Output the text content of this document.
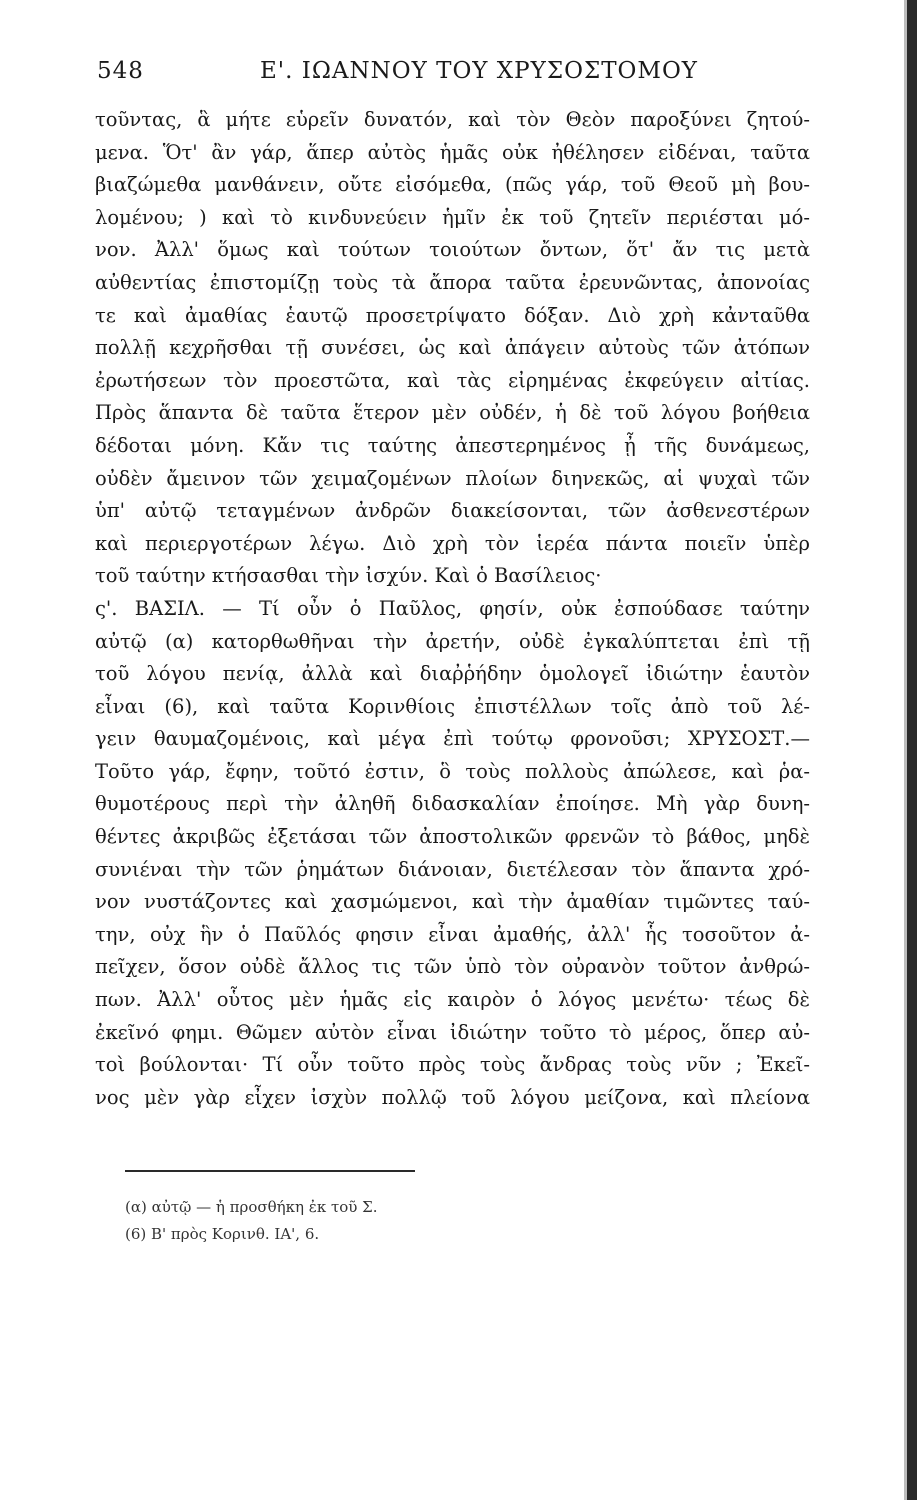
548	Ε'. ΙΩΑΝΝΟΥ ΤΟΥ ΧΡΥΣΟΣΤΟΜΟΥ
τοῦντας, ἃ μήτε εὑρεῖν δυνατόν, καὶ τὸν Θεὸν παροξύνει ζητού-
μενα. Ὅτ' ἂν γάρ, ἅπερ αὐτὸς ἡμᾶς οὐκ ἠθέλησεν εἰδέναι, ταῦτα
βιαζώμεθα μανθάνειν, οὔτε εἰσόμεθα, (πῶς γάρ, τοῦ Θεοῦ μὴ βου-
λομένου; ) καὶ τὸ κινδυνεύειν ἡμῖν ἐκ τοῦ ζητεῖν περιέσται μό-
νον. Ἀλλ' ὅμως καὶ τούτων τοιούτων ὄντων, ὅτ' ἄν τις μετὰ
αὐθεντίας ἐπιστομίζῃ τοὺς τὰ ἄπορα ταῦτα ἐρευνῶντας, ἀπονοίας
τε καὶ ἀμαθίας ἑαυτῷ προσετρίψατο δόξαν. Διὸ χρὴ κἀνταῦθα
πολλῇ κεχρῆσθαι τῇ συνέσει, ὡς καὶ ἀπάγειν αὐτοὺς τῶν ἀτόπων
ἐρωτήσεων τὸν προεστῶτα, καὶ τὰς εἰρημένας ἐκφεύγειν αἰτίας.
Πρὸς ἅπαντα δὲ ταῦτα ἕτερον μὲν οὐδέν, ἡ δὲ τοῦ λόγου βοήθεια
δέδοται μόνη. Κἄν τις ταύτης ἀπεστερημένος ᾖ τῆς δυνάμεως,
οὐδὲν ἄμεινον τῶν χειμαζομένων πλοίων διηνεκῶς, αἱ ψυχαὶ τῶν
ὑπ' αὐτῷ τεταγμένων ἀνδρῶν διακείσονται, τῶν ἀσθενεστέρων
καὶ περιεργοτέρων λέγω. Διὸ χρὴ τὸν ἱερέα πάντα ποιεῖν ὑπὲρ
τοῦ ταύτην κτήσασθαι τὴν ἰσχύν. Καὶ ὁ Βασίλειος·
ς'. ΒΑΣΙΛ. — Τί οὖν ὁ Παῦλος, φησίν, οὐκ ἐσπούδασε ταύτην
αὐτῷ (α) κατορθωθῆναι τὴν ἀρετήν, οὐδὲ ἐγκαλύπτεται ἐπὶ τῇ
τοῦ λόγου πενίᾳ, ἀλλὰ καὶ διαῤῥήδην ὁμολογεῖ ἰδιώτην ἑαυτὸν
εἶναι (6), καὶ ταῦτα Κορινθίοις ἐπιστέλλων τοῖς ἀπὸ τοῦ λέ-
γειν θαυμαζομένοις, καὶ μέγα ἐπὶ τούτῳ φρονοῦσι; ΧΡΥΣΟΣΤ.—
Τοῦτο γάρ, ἔφην, τοῦτό ἐστιν, ὃ τοὺς πολλοὺς ἀπώλεσε, καὶ ῥα-
θυμοτέρους περὶ τὴν ἀληθῆ διδασκαλίαν ἐποίησε. Μὴ γὰρ δυνη-
θέντες ἀκριβῶς ἐξετάσαι τῶν ἀποστολικῶν φρενῶν τὸ βάθος, μηδὲ
συνιέναι τὴν τῶν ῥημάτων διάνοιαν, διετέλεσαν τὸν ἅπαντα χρό-
νον νυστάζοντες καὶ χασμώμενοι, καὶ τὴν ἀμαθίαν τιμῶντες ταύ-
την, οὐχ ἣν ὁ Παῦλός φησιν εἶναι ἀμαθής, ἀλλ' ἧς τοσοῦτον ἀ-
πεῖχεν, ὅσον οὐδὲ ἄλλος τις τῶν ὑπὸ τὸν οὐρανὸν τοῦτον ἀνθρώ-
πων. Ἀλλ' οὗτος μὲν ἡμᾶς εἰς καιρὸν ὁ λόγος μενέτω· τέως δὲ
ἐκεῖνό φημι. Θῶμεν αὐτὸν εἶναι ἰδιώτην τοῦτο τὸ μέρος, ὅπερ αὐ-
τοὶ βούλονται· Τί οὖν τοῦτο πρὸς τοὺς ἄνδρας τοὺς νῦν ; Ἐκεῖ-
νος μὲν γὰρ εἶχεν ἰσχὺν πολλῷ τοῦ λόγου μείζονα, καὶ πλείονα
(α) αὐτῷ — ἡ προσθήκη ἐκ τοῦ Σ.
(6) Β' πρὸς Κορινθ. ΙΑ', 6.
